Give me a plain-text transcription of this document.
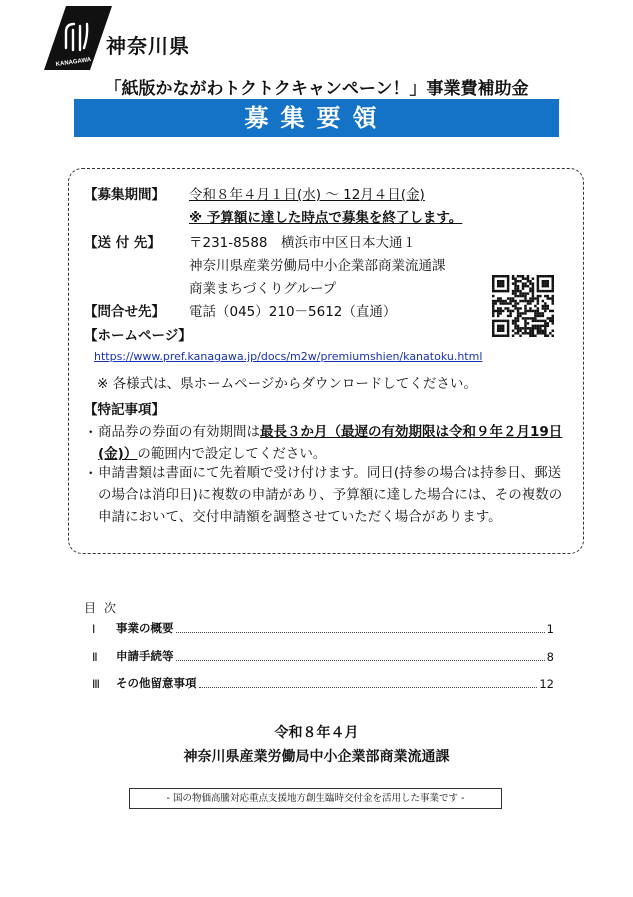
KANAGAWA
神奈川県
「紙版かながわトクトクキャンペーン！」事業費補助金
募集要領
【募集期間】 令和８年４月１日(水) ～ 12月４日(金)
※ 予算額に達した時点で募集を終了します。
【送 付 先】 〒231-8588　横浜市中区日本大通１
神奈川県産業労働局中小企業部商業流通課
商業まちづくりグループ
【問合せ先】 電話（045）210－5612（直通）
【ホームページ】
https://www.pref.kanagawa.jp/docs/m2w/premiumshien/kanatoku.html
※ 各様式は、県ホームページからダウンロードしてください。
【特記事項】
・ 商品券の券面の有効期間は最長３か月（最遅の有効期限は令和９年２月19日(金)）の範囲内で設定してください。
・ 申請書類は書面にて先着順で受け付けます。同日(持参の場合は持参日、郵送の場合は消印日)に複数の申請があり、予算額に達した場合には、その複数の申請において、交付申請額を調整させていただく場合があります。
目次
Ⅰ	事業の概要	1
Ⅱ	申請手続等	8
Ⅲ	その他留意事項	12
令和８年４月
神奈川県産業労働局中小企業部商業流通課
- 国の物価高騰対応重点支援地方創生臨時交付金を活用した事業です -
